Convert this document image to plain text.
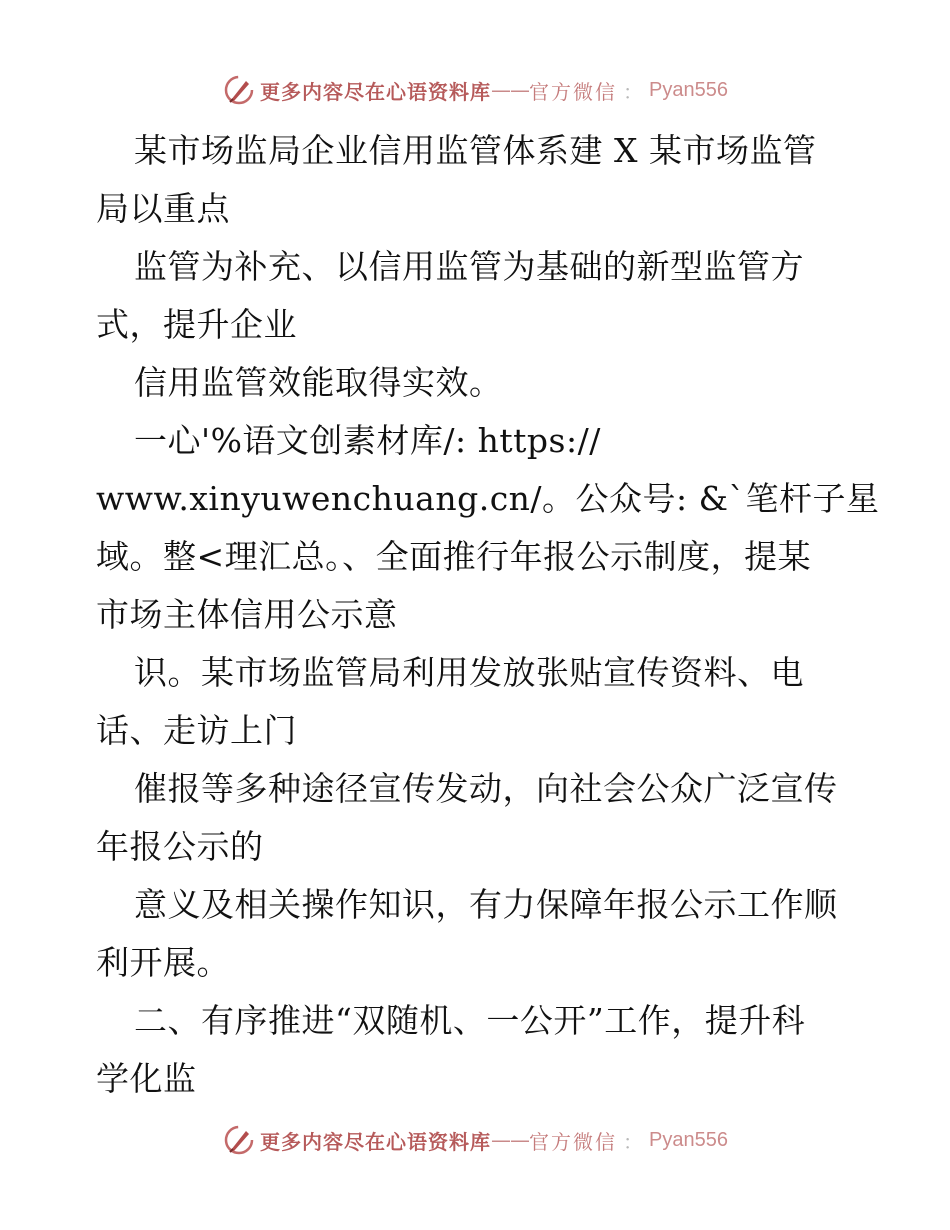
更多内容尽在心语资料库 —— 官方微信 ： Pyan556
某市场监局企业信用监管体系建 X 某市场监管
局以重点
监管为补充、以信用监管为基础的新型监管方
式，提升企业
信用监管效能取得实效。
一心'%语文创素材库/: https://
www.xinyuwenchuang.cn/。公众号: &`笔杆子星
域。整<理汇总。、全面推行年报公示制度，提某
市场主体信用公示意
识。某市场监管局利用发放张贴宣传资料、电
话、走访上门
催报等多种途径宣传发动，向社会公众广泛宣传
年报公示的
意义及相关操作知识，有力保障年报公示工作顺
利开展。
二、有序推进“双随机、一公开”工作，提升科
学化监
更多内容尽在心语资料库 —— 官方微信 ： Pyan556
